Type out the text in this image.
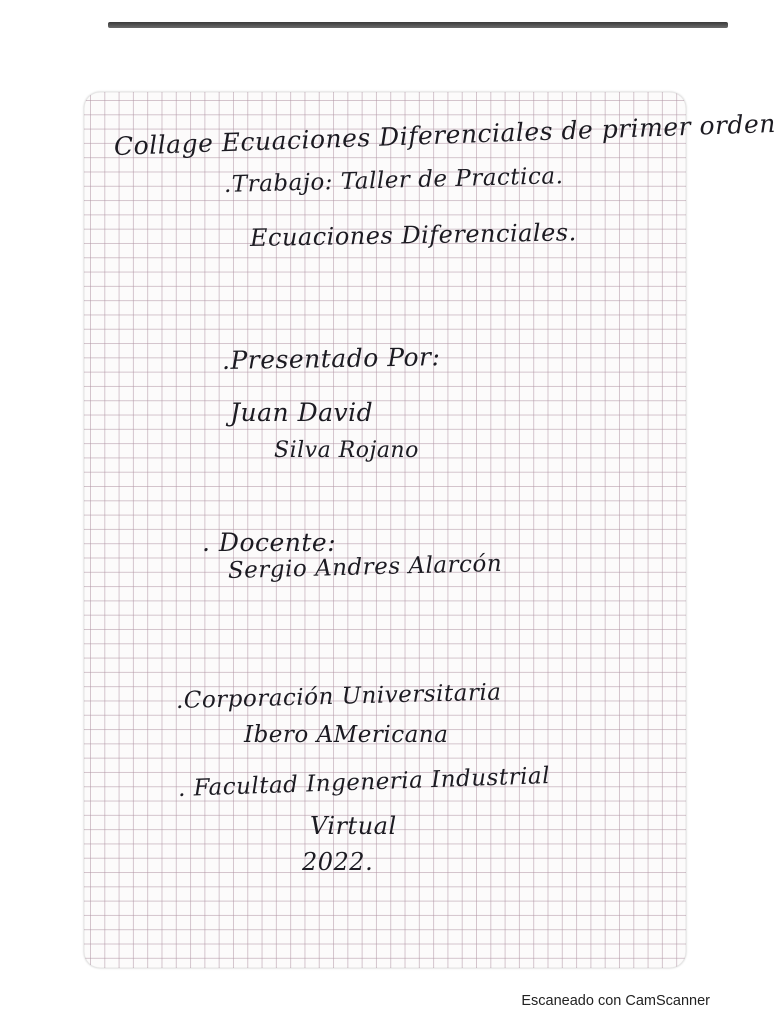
Collage Ecuaciones Diferenciales de primer orden
.Trabajo: Taller de Practica.
Ecuaciones Diferenciales.
.Presentado Por:
Juan David
Silva Rojano
. Docente:
Sergio Andres Alarcón
.Corporación Universitaria
Ibero AMericana
. Facultad Ingeneria Industrial
Virtual
2022.
Escaneado con CamScanner
